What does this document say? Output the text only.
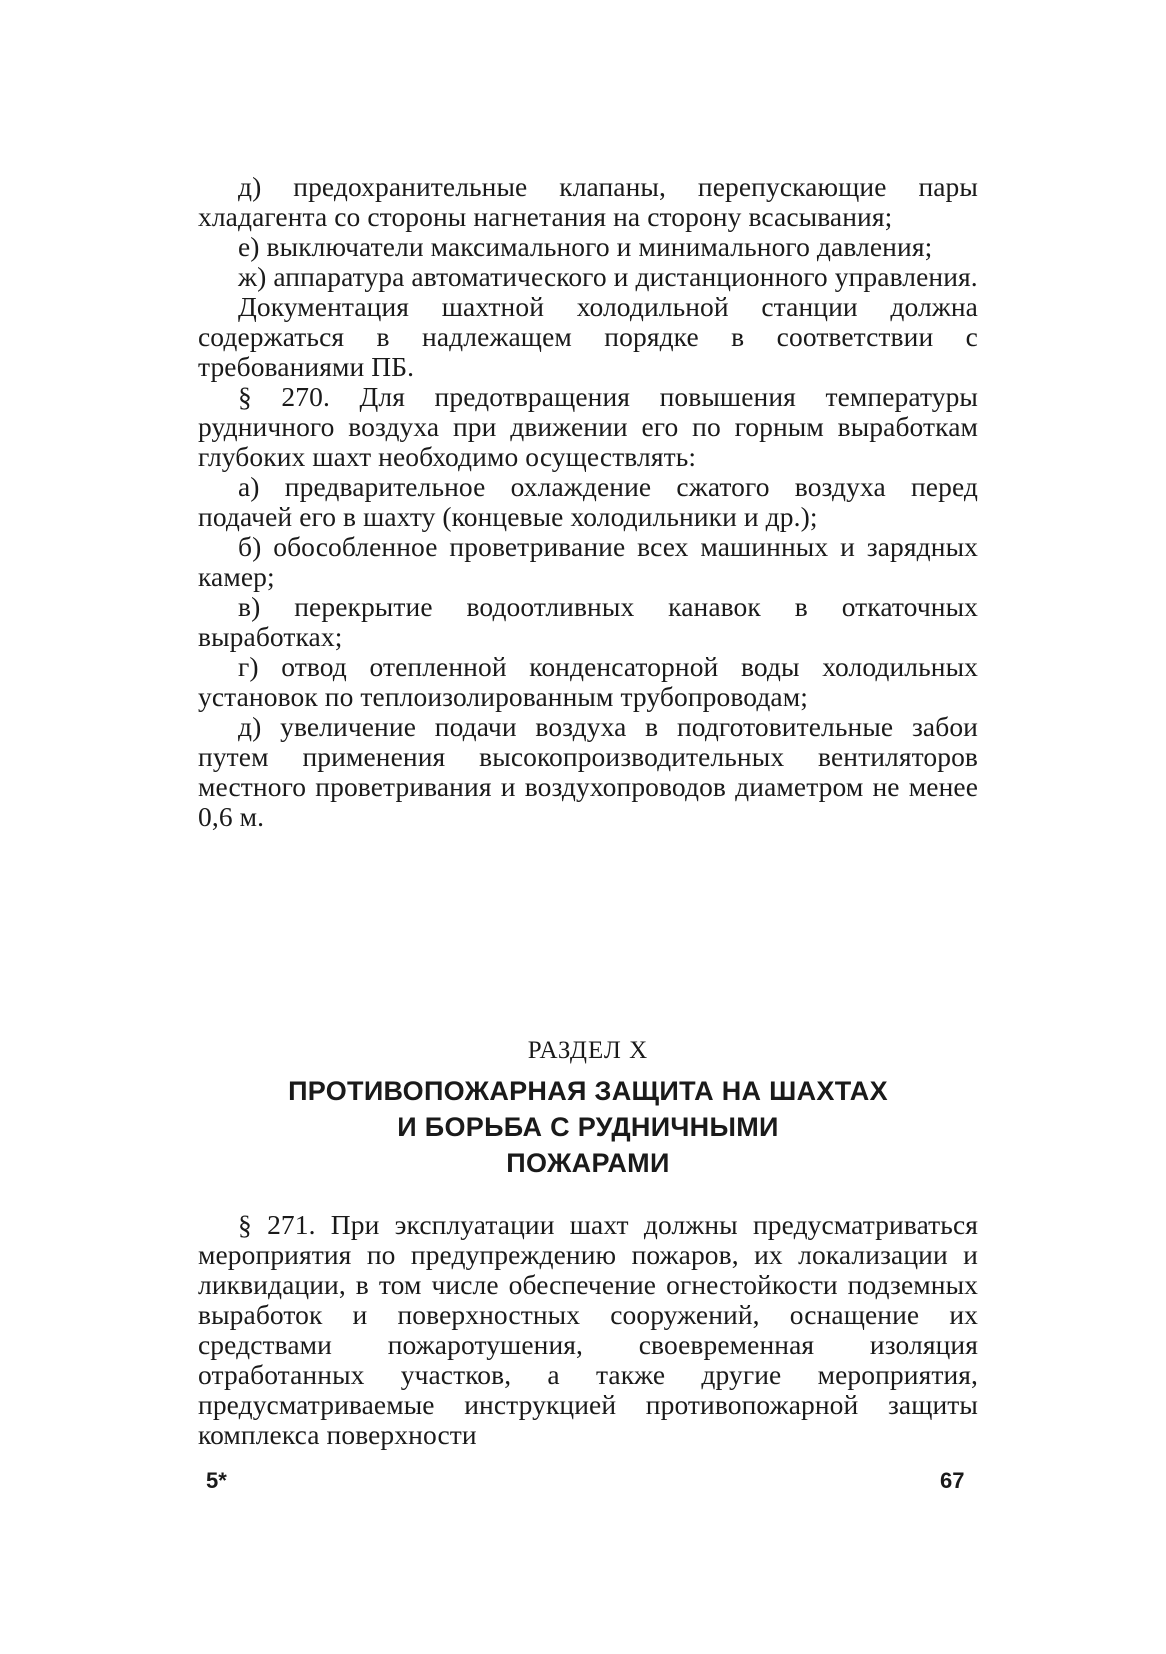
д) предохранительные клапаны, перепускающие пары хладагента со стороны нагнетания на сторону всасывания;

е) выключатели максимального и минимального давления;

ж) аппаратура автоматического и дистанционного управления.

Документация шахтной холодильной станции должна содержаться в надлежащем порядке в соответствии с требованиями ПБ.

§ 270. Для предотвращения повышения температуры рудничного воздуха при движении его по горным выработкам глубоких шахт необходимо осуществлять:

а) предварительное охлаждение сжатого воздуха перед подачей его в шахту (концевые холодильники и др.);

б) обособленное проветривание всех машинных и зарядных камер;

в) перекрытие водоотливных канавок в откаточных выработках;

г) отвод отепленной конденсаторной воды холодильных установок по теплоизолированным трубопроводам;

д) увеличение подачи воздуха в подготовительные забои путем применения высокопроизводительных вентиляторов местного проветривания и воздухопроводов диаметром не менее 0,6 м.

РАЗДЕЛ X

ПРОТИВОПОЖАРНАЯ ЗАЩИТА НА ШАХТАХ
И БОРЬБА С РУДНИЧНЫМИ
ПОЖАРАМИ

§ 271. При эксплуатации шахт должны предусматриваться мероприятия по предупреждению пожаров, их локализации и ликвидации, в том числе обеспечение огнестойкости подземных выработок и поверхностных сооружений, оснащение их средствами пожаротушения, своевременная изоляция отработанных участков, а также другие мероприятия, предусматриваемые инструкцией противопожарной защиты комплекса поверхности

5*	67
